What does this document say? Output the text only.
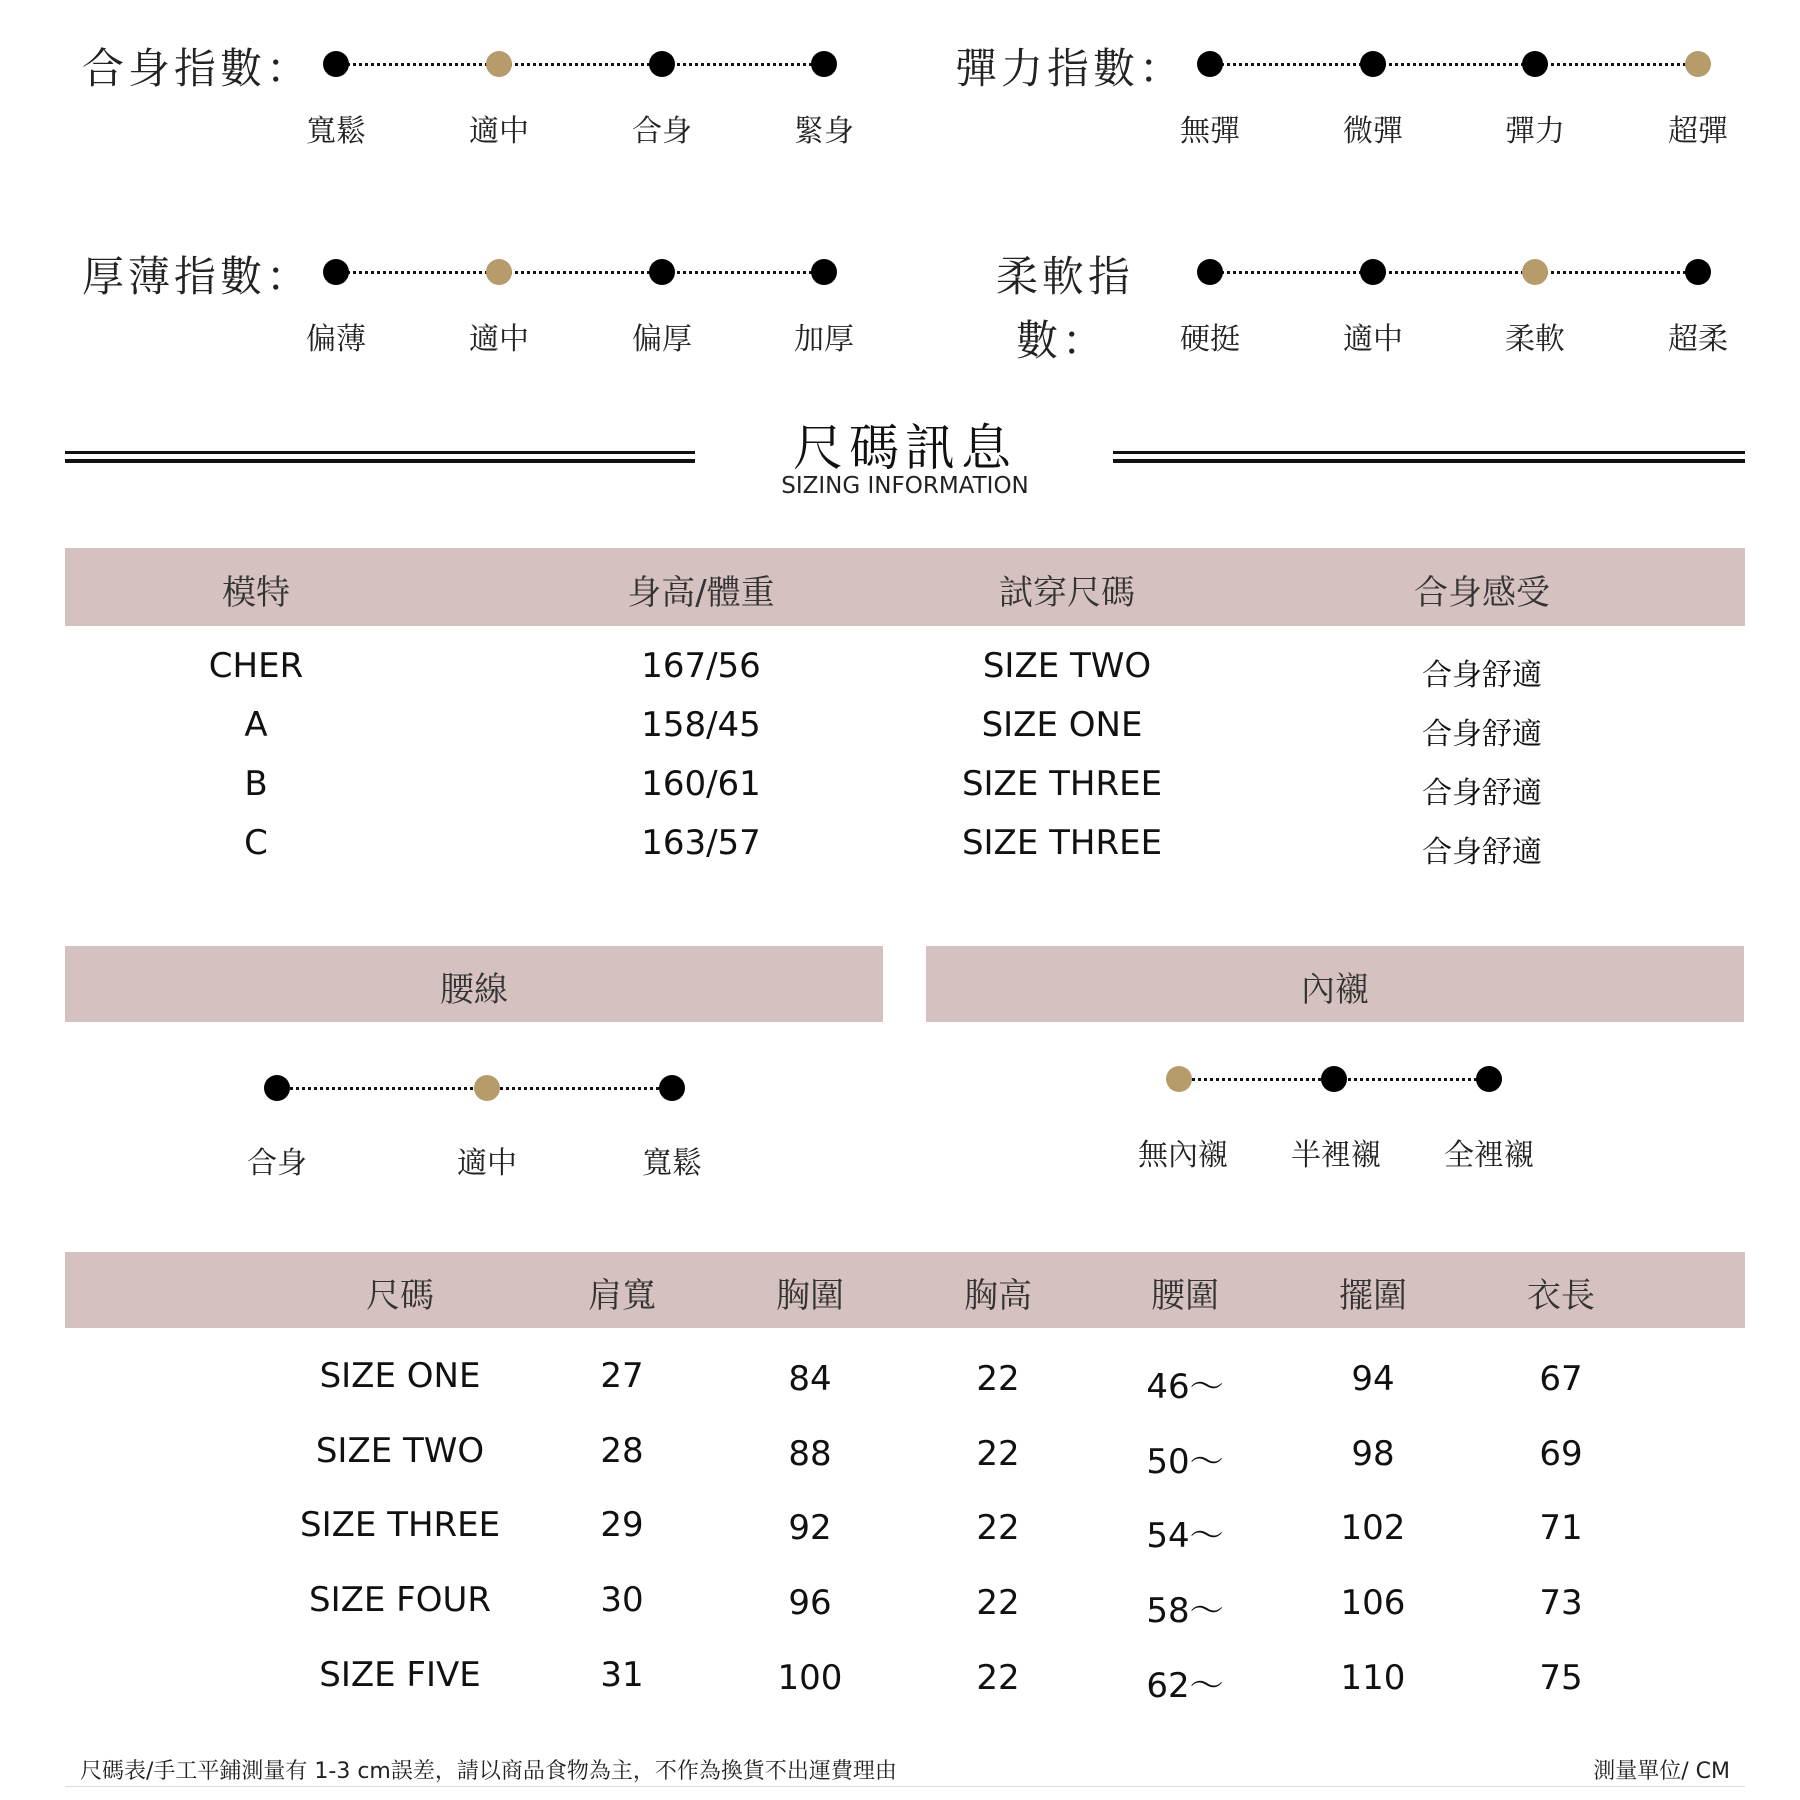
合身指數：
寬鬆	適中	合身	緊身
彈力指數：
無彈	微彈	彈力	超彈
厚薄指數：
偏薄	適中	偏厚	加厚
柔軟指
數：	硬挺	適中	柔軟	超柔
尺碼訊息
SIZING INFORMATION
模特	身高/體重	試穿尺碼	合身感受
CHER	167/56	SIZE TWO	合身舒適
A	158/45	SIZE ONE	合身舒適
B	160/61	SIZE THREE	合身舒適
C	163/57	SIZE THREE	合身舒適
腰線
合身	適中	寬鬆
內襯
無內襯	半裡襯	全裡襯
尺碼	肩寬	胸圍	胸高	腰圍	擺圍	衣長
SIZE ONE	27	84	22	46～	94	67
SIZE TWO	28	88	22	50～	98	69
SIZE THREE	29	92	22	54～	102	71
SIZE FOUR	30	96	22	58～	106	73
SIZE FIVE	31	100	22	62～	110	75
尺碼表/手工平鋪測量有 1-3 cm誤差，請以商品食物為主，不作為換貨不出運費理由	測量單位/ CM
